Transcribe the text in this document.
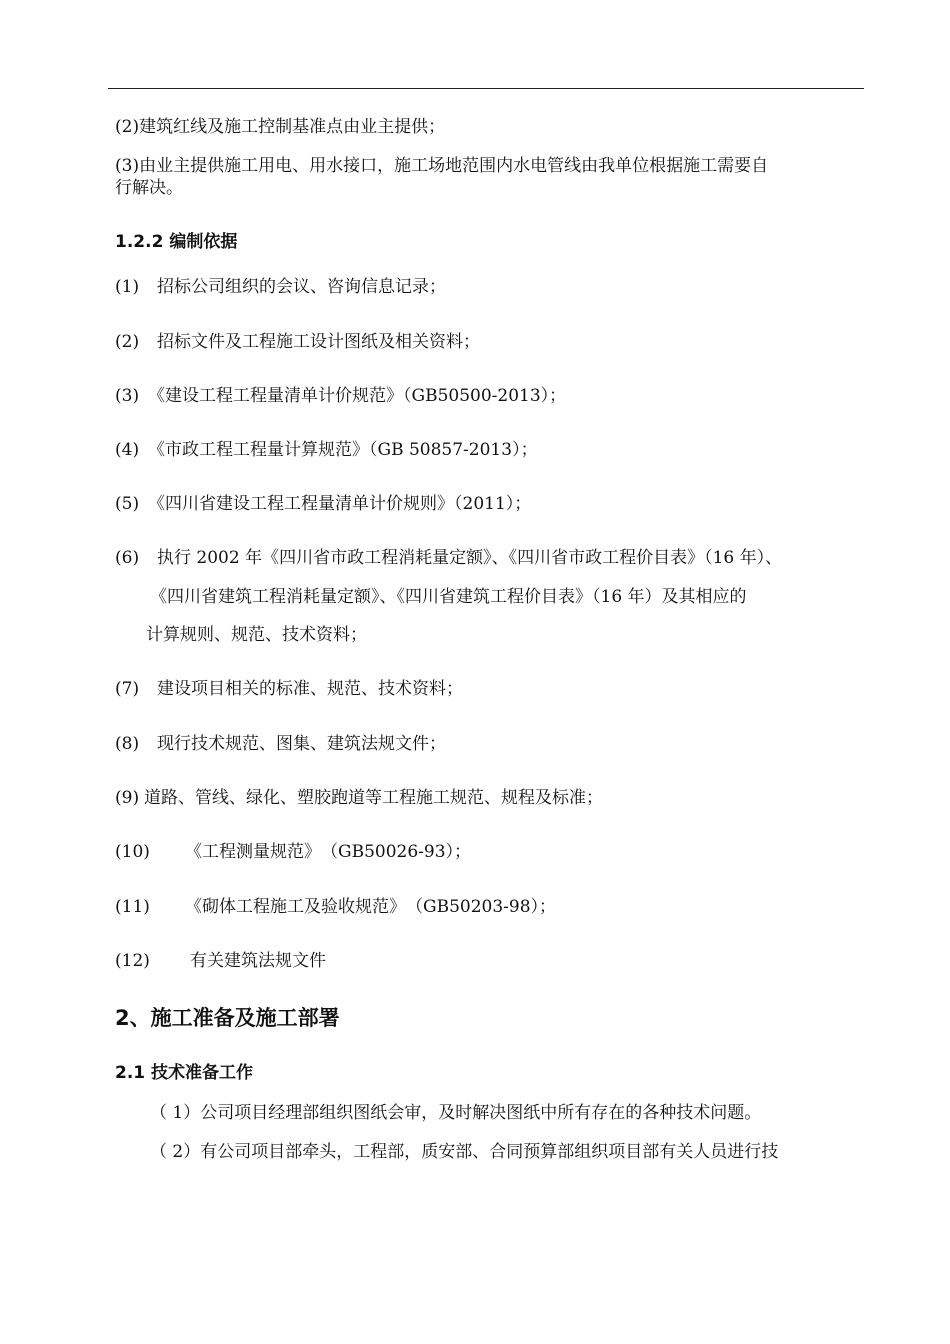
(2)建筑红线及施工控制基准点由业主提供；
(3)由业主提供施工用电、用水接口，施工场地范围内水电管线由我单位根据施工需要自
行解决。
1.2.2 编制依据
(1) 招标公司组织的会议、咨询信息记录；
(2) 招标文件及工程施工设计图纸及相关资料；
(3) 《建设工程工程量清单计价规范》（GB50500-2013）；
(4) 《市政工程工程量计算规范》（GB 50857-2013）；
(5) 《四川省建设工程工程量清单计价规则》（2011）；
(6) 执行 2002 年《四川省市政工程消耗量定额》、《四川省市政工程价目表》（16 年）、
《四川省建筑工程消耗量定额》、《四川省建筑工程价目表》（16 年）及其相应的
计算规则、规范、技术资料；
(7) 建设项目相关的标准、规范、技术资料；
(8) 现行技术规范、图集、建筑法规文件；
(9) 道路、管线、绿化、塑胶跑道等工程施工规范、规程及标准；
(10) 《工程测量规范》　（GB50026-93）；
(11) 《砌体工程施工及验收规范》　（GB50203-98）；
(12) 有关建筑法规文件
2、施工准备及施工部署
2.1 技术准备工作
（ 1）公司项目经理部组织图纸会审，及时解决图纸中所有存在的各种技术问题。
（ 2）有公司项目部牵头，工程部，质安部、合同预算部组织项目部有关人员进行技
